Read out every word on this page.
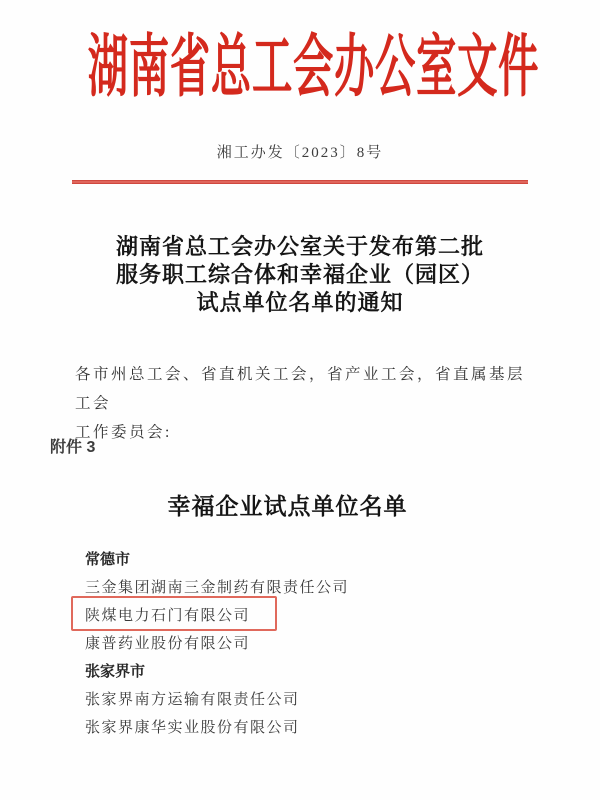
湖南省总工会办公室文件
湘工办发〔2023〕8号
湖南省总工会办公室关于发布第二批
服务职工综合体和幸福企业（园区）
试点单位名单的通知
各市州总工会、省直机关工会，省产业工会，省直属基层工会
工作委员会:
附件 3
幸福企业试点单位名单
常德市
三金集团湖南三金制药有限责任公司
陕煤电力石门有限公司
康普药业股份有限公司
张家界市
张家界南方运输有限责任公司
张家界康华实业股份有限公司
